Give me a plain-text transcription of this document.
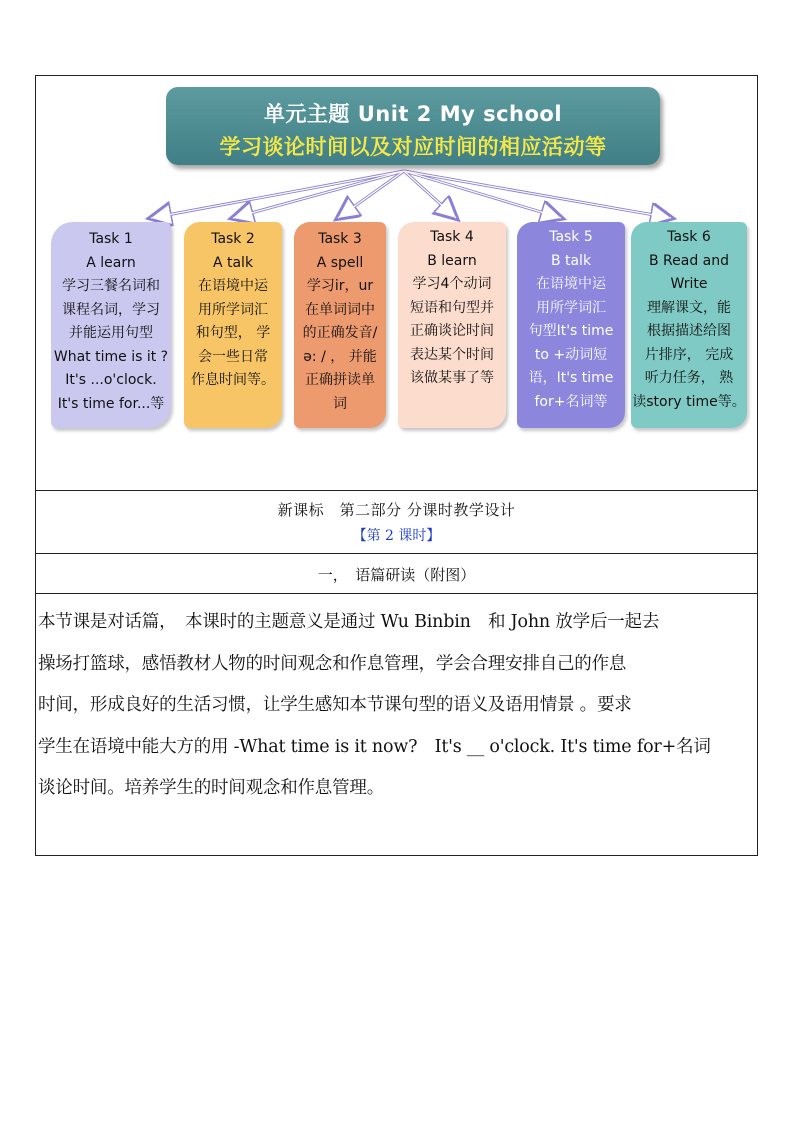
单元主题 Unit 2 My school
学习谈论时间以及对应时间的相应活动等
Task 1
A learn
学习三餐名词和
课程名词，学习
并能运用句型
What time is it ?
It's ...o'clock.
It's time for...等
Task 2
A talk
在语境中运
用所学词汇
和句型， 学
会一些日常
作息时间等。
Task 3
A spell
学习ir，ur
在单词词中
的正确发音/
ə: / ， 并能
正确拼读单
词
Task 4
B learn
学习4个动词
短语和句型并
正确谈论时间
表达某个时间
该做某事了等
Task 5
B talk
在语境中运
用所学词汇
句型It's time
to +动词短
语，It's time
for+名词等
Task 6
B Read and
Write
理解课文，能
根据描述给图
片排序， 完成
听力任务， 熟
读story time等。
新课标　第二部分 分课时教学设计
【第 2 课时】
一，　语篇研读（附图）
本节课是对话篇，　本课时的主题意义是通过 Wu Binbin　和 John 放学后一起去
操场打篮球，感悟教材人物的时间观念和作息管理，学会合理安排自己的作息
时间，形成良好的生活习惯，让学生感知本节课句型的语义及语用情景 。要求
学生在语境中能大方的用 -What time is it now?　It's __ o'clock. It's time for+名词
谈论时间。培养学生的时间观念和作息管理。
